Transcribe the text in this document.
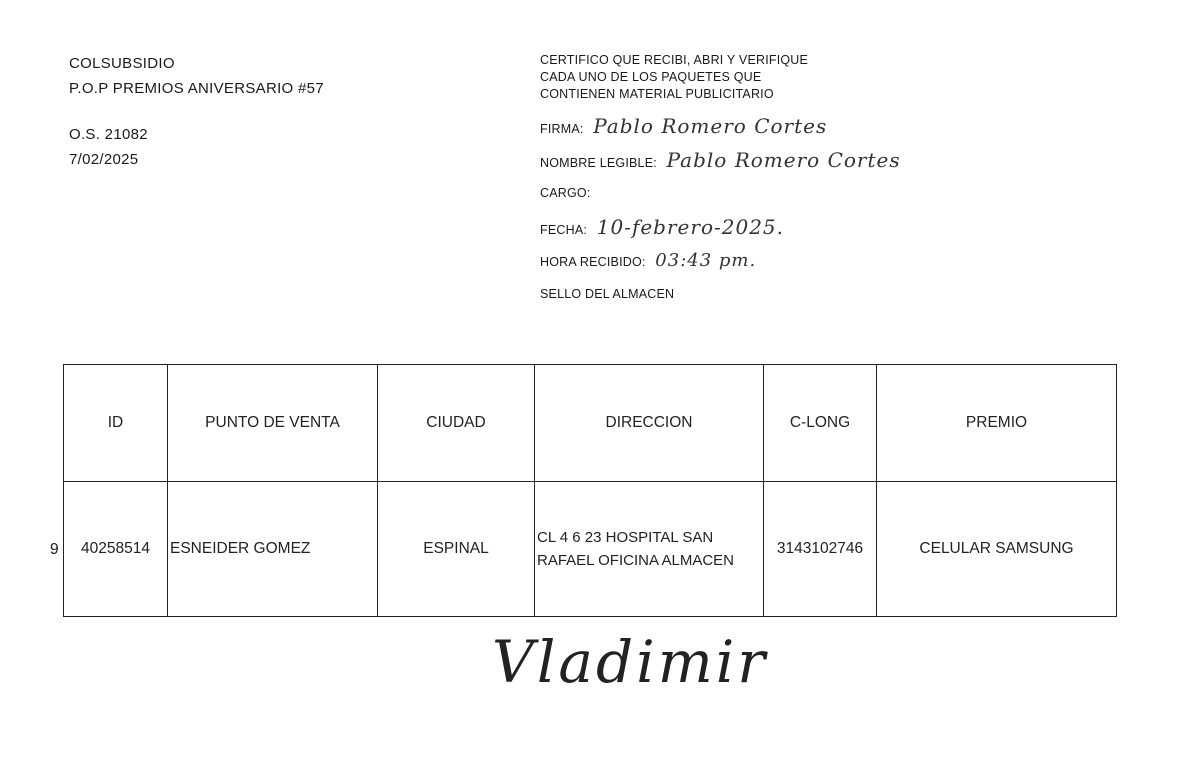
COLSUBSIDIO
P.O.P PREMIOS ANIVERSARIO #57
O.S. 21082
7/02/2025
CERTIFICO QUE RECIBI, ABRI Y VERIFIQUE
CADA UNO DE LOS PAQUETES QUE
CONTIENEN MATERIAL PUBLICITARIO
FIRMA: Pablo Romero Cortes
NOMBRE LEGIBLE: Pablo Romero Cortes
CARGO:
FECHA: 10-febrero-2025.
HORA RECIBIDO: 03:43 pm.
SELLO DEL ALMACEN
9
ID	PUNTO DE VENTA	CIUDAD	DIRECCION	C-LONG	PREMIO
40258514	ESNEIDER GOMEZ	ESPINAL	CL 4 6 23 HOSPITAL SAN
RAFAEL OFICINA ALMACEN	3143102746	CELULAR SAMSUNG
Vladimir
